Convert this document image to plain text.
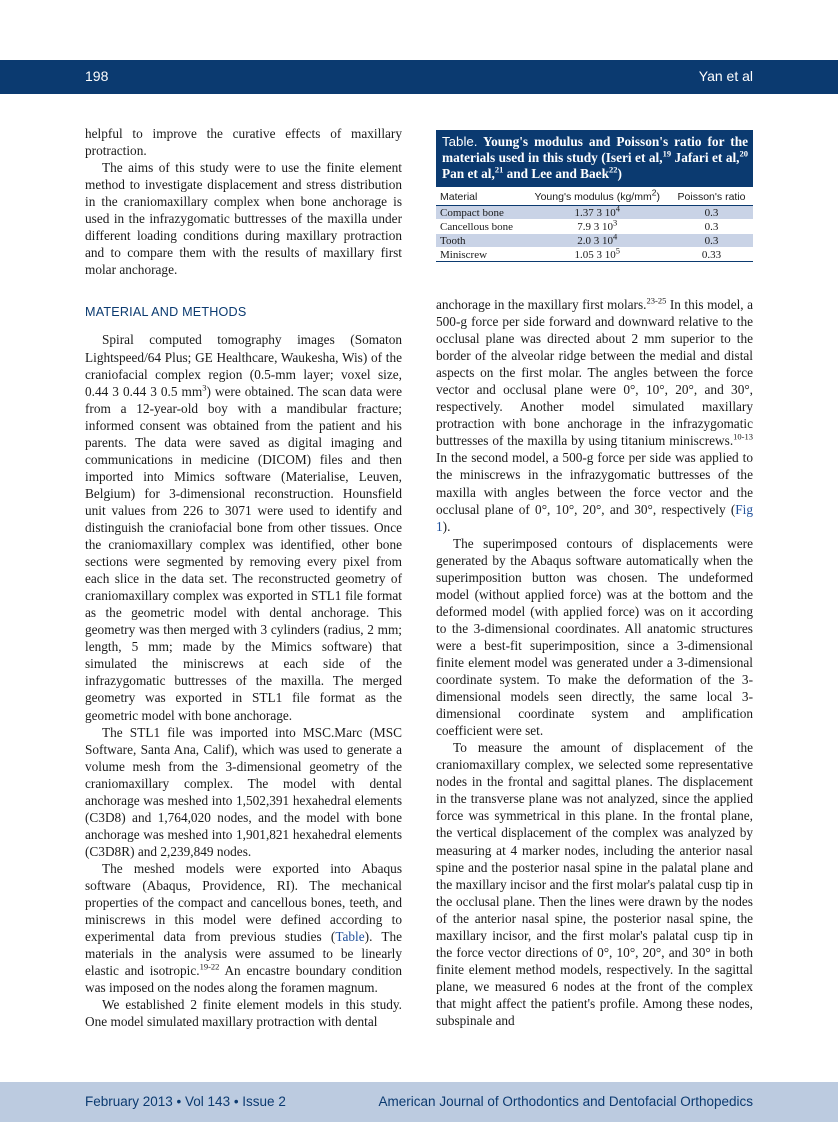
198	Yan et al

helpful to improve the curative effects of maxillary protraction.

The aims of this study were to use the finite element method to investigate displacement and stress distribution in the craniomaxillary complex when bone anchorage is used in the infrazygomatic buttresses of the maxilla under different loading conditions during maxillary protraction and to compare them with the results of maxillary first molar anchorage.

MATERIAL AND METHODS

Spiral computed tomography images (Somaton Lightspeed/64 Plus; GE Healthcare, Waukesha, Wis) of the craniofacial complex region (0.5-mm layer; voxel size, 0.44 3 0.44 3 0.5 $mm^3$) were obtained. The scan data were from a 12-year-old boy with a mandibular fracture; informed consent was obtained from the patient and his parents. The data were saved as digital imaging and communications in medicine (DICOM) files and then imported into Mimics software (Materialise, Leuven, Belgium) for 3-dimensional reconstruction. Hounsfield unit values from 226 to 3071 were used to identify and distinguish the craniofacial bone from other tissues. Once the craniomaxillary complex was identified, other bone sections were segmented by removing every pixel from each slice in the data set. The reconstructed geometry of craniomaxillary complex was exported in STL1 file format as the geometric model with dental anchorage. This geometry was then merged with 3 cylinders (radius, 2 mm; length, 5 mm; made by the Mimics software) that simulated the miniscrews at each side of the infrazygomatic buttresses of the maxilla. The merged geometry was exported in STL1 file format as the geometric model with bone anchorage.

The STL1 file was imported into MSC.Marc (MSC Software, Santa Ana, Calif), which was used to generate a volume mesh from the 3-dimensional geometry of the craniomaxillary complex. The model with dental anchorage was meshed into 1,502,391 hexahedral elements (C3D8) and 1,764,020 nodes, and the model with bone anchorage was meshed into 1,901,821 hexahedral elements (C3D8R) and 2,239,849 nodes.

The meshed models were exported into Abaqus software (Abaqus, Providence, RI). The mechanical properties of the compact and cancellous bones, teeth, and miniscrews in this model were defined according to experimental data from previous studies (Table). The materials in the analysis were assumed to be linearly elastic and isotropic.$^{19-22}$ An encastre boundary condition was imposed on the nodes along the foramen magnum.

We established 2 finite element models in this study. One model simulated maxillary protraction with dental

Table. Young's modulus and Poisson's ratio for the materials used in this study (Iseri et al,$^{19}$ Jafari et al,$^{20}$ Pan et al,$^{21}$ and Lee and Baek$^{22}$)
Material	Young's modulus $(kg/mm^2)$	Poisson's ratio
Compact bone	1.37 3 $10^4$	0.3
Cancellous bone	7.9 3 $10^3$	0.3
Tooth	2.0 3 $10^4$	0.3
Miniscrew	1.05 3 $10^5$	0.33

anchorage in the maxillary first molars.$^{23-25}$ In this model, a 500-g force per side forward and downward relative to the occlusal plane was directed about 2 mm superior to the border of the alveolar ridge between the medial and distal aspects on the first molar. The angles between the force vector and occlusal plane were 0°, 10°, 20°, and 30°, respectively. Another model simulated maxillary protraction with bone anchorage in the infrazygomatic buttresses of the maxilla by using titanium miniscrews.$^{10-13}$ In the second model, a 500-g force per side was applied to the miniscrews in the infrazygomatic buttresses of the maxilla with angles between the force vector and the occlusal plane of 0°, 10°, 20°, and 30°, respectively (Fig 1).

The superimposed contours of displacements were generated by the Abaqus software automatically when the superimposition button was chosen. The undeformed model (without applied force) was at the bottom and the deformed model (with applied force) was on it according to the 3-dimensional coordinates. All anatomic structures were a best-fit superimposition, since a 3-dimensional finite element model was generated under a 3-dimensional coordinate system. To make the deformation of the 3-dimensional models seen directly, the same local 3-dimensional coordinate system and amplification coefficient were set.

To measure the amount of displacement of the craniomaxillary complex, we selected some representative nodes in the frontal and sagittal planes. The displacement in the transverse plane was not analyzed, since the applied force was symmetrical in this plane. In the frontal plane, the vertical displacement of the complex was analyzed by measuring at 4 marker nodes, including the anterior nasal spine and the posterior nasal spine in the palatal plane and the maxillary incisor and the first molar's palatal cusp tip in the occlusal plane. Then the lines were drawn by the nodes of the anterior nasal spine, the posterior nasal spine, the maxillary incisor, and the first molar's palatal cusp tip in the force vector directions of 0°, 10°, 20°, and 30° in both finite element method models, respectively. In the sagittal plane, we measured 6 nodes at the front of the complex that might affect the patient's profile. Among these nodes, subspinale and

February 2013 • Vol 143 • Issue 2	American Journal of Orthodontics and Dentofacial Orthopedics
